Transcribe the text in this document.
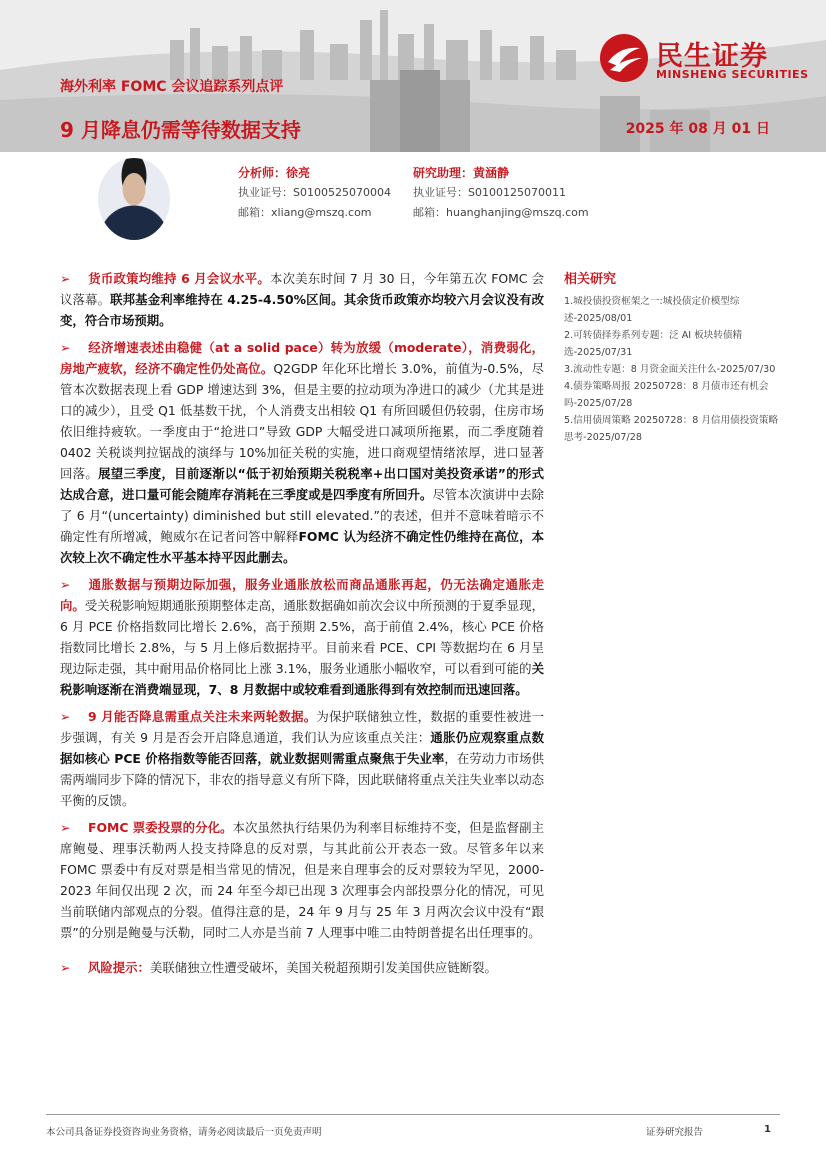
海外利率 FOMC 会议追踪系列点评
9 月降息仍需等待数据支持	2025 年 08 月 01 日
民生证券
MINSHENG SECURITIES
分析师：徐亮
执业证号：S0100525070004
邮箱：xliang@mszq.com
研究助理：黄涵静
执业证号：S0100125070011
邮箱：huanghanjing@mszq.com

➢ 货币政策均维持 6 月会议水平。本次美东时间 7 月 30 日，今年第五次 FOMC 会议落幕。联邦基金利率维持在 4.25-4.50%区间。其余货币政策亦均较六月会议没有改变，符合市场预期。

➢ 经济增速表述由稳健（at a solid pace）转为放缓（moderate），消费弱化，房地产疲软，经济不确定性仍处高位。Q2GDP 年化环比增长 3.0%，前值为-0.5%，尽管本次数据表现上看 GDP 增速达到 3%，但是主要的拉动项为净进口的减少（尤其是进口的减少），且受 Q1 低基数干扰，个人消费支出相较 Q1 有所回暖但仍较弱，住房市场依旧维持疲软。一季度由于“抢进口”导致 GDP 大幅受进口减项所拖累，而二季度随着 0402 关税谈判拉锯战的演绎与 10%加征关税的实施，进口商观望情绪浓厚，进口显著回落。展望三季度，目前逐渐以“低于初始预期关税税率+出口国对美投资承诺”的形式达成合意，进口量可能会随库存消耗在三季度或是四季度有所回升。尽管本次演讲中去除了 6 月“(uncertainty) diminished but still elevated.”的表述，但并不意味着暗示不确定性有所增减，鲍威尔在记者问答中解释FOMC 认为经济不确定性仍维持在高位，本次较上次不确定性水平基本持平因此删去。

➢ 通胀数据与预期边际加强，服务业通胀放松而商品通胀再起，仍无法确定通胀走向。受关税影响短期通胀预期整体走高，通胀数据确如前次会议中所预测的于夏季显现，6 月 PCE 价格指数同比增长 2.6%，高于预期 2.5%，高于前值 2.4%，核心 PCE 价格指数同比增长 2.8%，与 5 月上修后数据持平。目前来看 PCE、CPI 等数据均在 6 月呈现边际走强，其中耐用品价格同比上涨 3.1%，服务业通胀小幅收窄，可以看到可能的关税影响逐渐在消费端显现，7、8 月数据中或较难看到通胀得到有效控制而迅速回落。

➢ 9 月能否降息需重点关注未来两轮数据。为保护联储独立性，数据的重要性被进一步强调，有关 9 月是否会开启降息通道，我们认为应该重点关注：通胀仍应观察重点数据如核心 PCE 价格指数等能否回落，就业数据则需重点聚焦于失业率，在劳动力市场供需两端同步下降的情况下，非农的指导意义有所下降，因此联储将重点关注失业率以动态平衡的反馈。

➢ FOMC 票委投票的分化。本次虽然执行结果仍为利率目标维持不变，但是监督副主席鲍曼、理事沃勒两人投支持降息的反对票，与其此前公开表态一致。尽管多年以来 FOMC 票委中有反对票是相当常见的情况，但是来自理事会的反对票较为罕见，2000-2023 年间仅出现 2 次，而 24 年至今却已出现 3 次理事会内部投票分化的情况，可见当前联储内部观点的分裂。值得注意的是，24 年 9 月与 25 年 3 月两次会议中没有“跟票”的分别是鲍曼与沃勒，同时二人亦是当前 7 人理事中唯二由特朗普提名出任理事的。

➢ 风险提示：美联储独立性遭受破坏，美国关税超预期引发美国供应链断裂。

相关研究
1.城投债投资框架之一:城投债定价模型综述-2025/08/01
2.可转债择券系列专题：泛 AI 板块转债精选-2025/07/31
3.流动性专题：8 月资金面关注什么-2025/07/30
4.债券策略周报 20250728：8 月债市还有机会吗-2025/07/28
5.信用债周策略 20250728：8 月信用债投资策略思考-2025/07/28
本公司具备证券投资咨询业务资格，请务必阅读最后一页免责声明	证券研究报告	1
